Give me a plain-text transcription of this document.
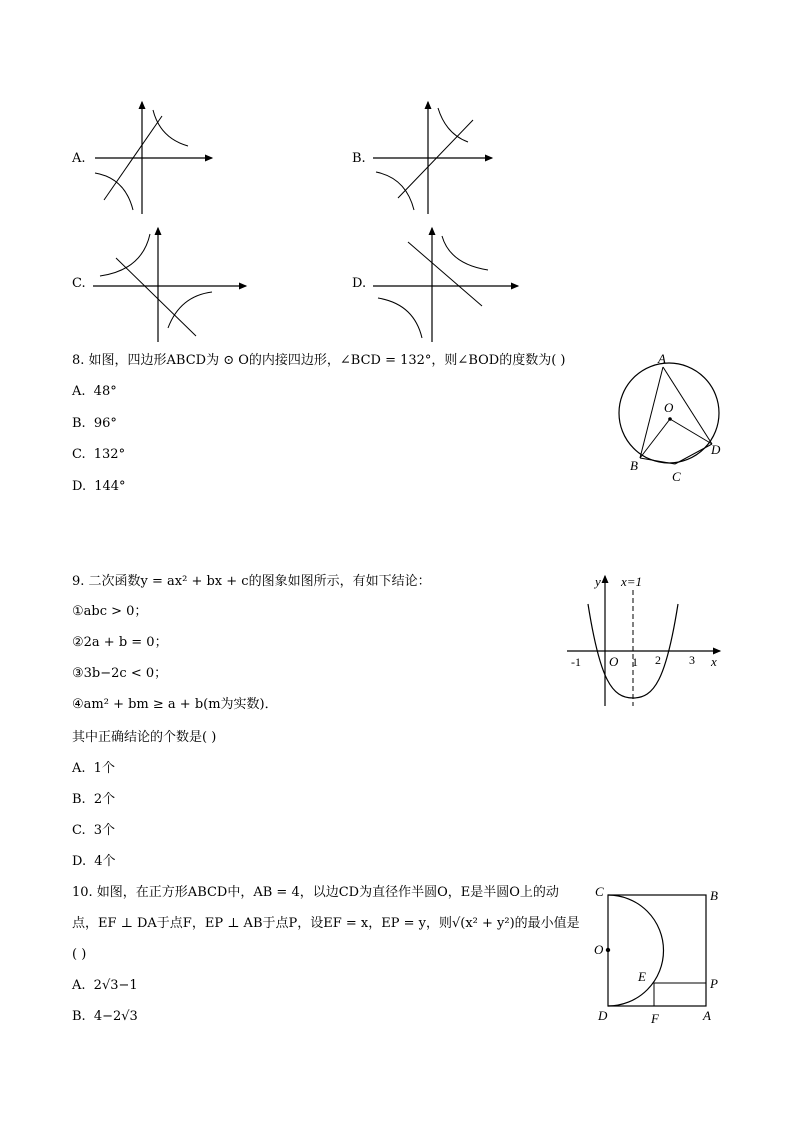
A.	B.
C.	D.
8. 如图，四边形ABCD为 ⊙ O的内接四边形，∠BCD = 132°，则∠BOD的度数为( )
A. 48°
B. 96°
C. 132°
D. 144°
A
O
B
C
D
9. 二次函数y = ax² + bx + c的图象如图所示，有如下结论：
①abc > 0；
②2a + b = 0；
③3b−2c < 0；
④am² + bm ≥ a + b(m为实数)．
其中正确结论的个数是( )
A. 1个
B. 2个
C. 3个
D. 4个
y x=1
x
-1 O 1 2 3
10. 如图，在正方形ABCD中，AB = 4，以边CD为直径作半圆O，E是半圆O上的动
点，EF ⊥ DA于点F，EP ⊥ AB于点P，设EF = x，EP = y，则√(x² + y²)的最小值是
( )
A. 2√3−1
B. 4−2√3
C	B
O
E	P
D	F	A
